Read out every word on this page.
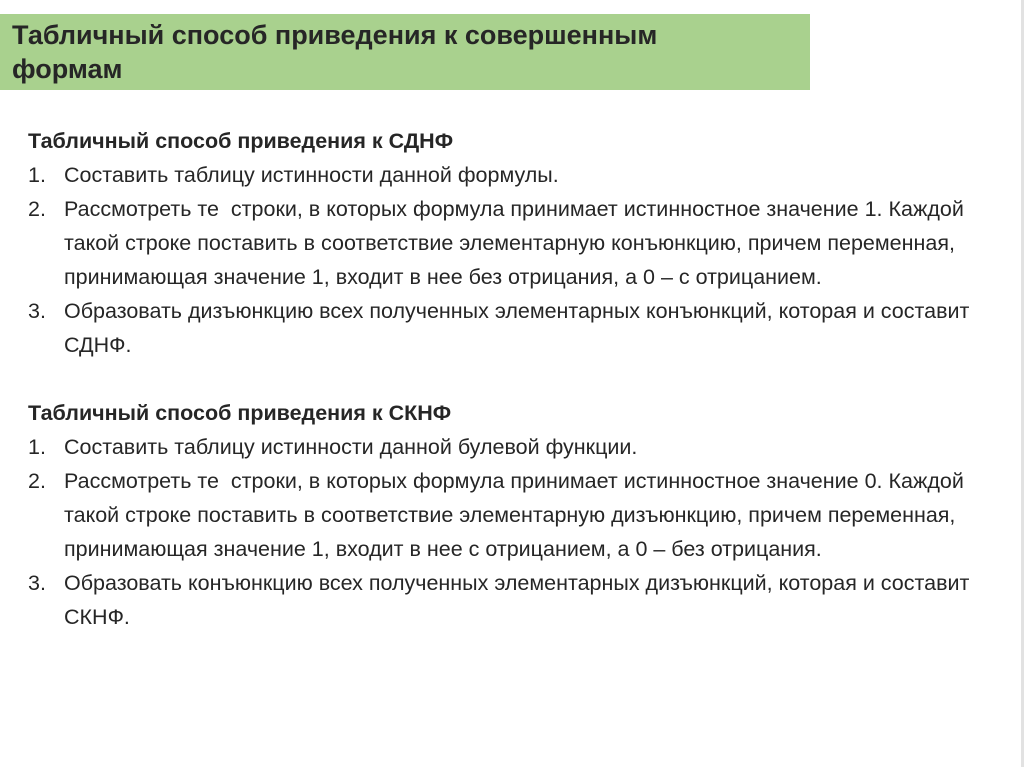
Табличный способ приведения к совершенным
формам

Табличный способ приведения к СДНФ

1. Составить таблицу истинности данной формулы.
2. Рассмотреть те  строки, в которых формула принимает истинностное значение 1. Каждой такой строке поставить в соответствие элементарную конъюнкцию, причем переменная, принимающая значение 1, входит в нее без отрицания, а 0 – с отрицанием.
3. Образовать дизъюнкцию всех полученных элементарных конъюнкций, которая и составит СДНФ.

Табличный способ приведения к СКНФ

1. Составить таблицу истинности данной булевой функции.
2. Рассмотреть те  строки, в которых формула принимает истинностное значение 0. Каждой такой строке поставить в соответствие элементарную дизъюнкцию, причем переменная, принимающая значение 1, входит в нее с отрицанием, а 0 – без отрицания.
3. Образовать конъюнкцию всех полученных элементарных дизъюнкций, которая и составит СКНФ.
